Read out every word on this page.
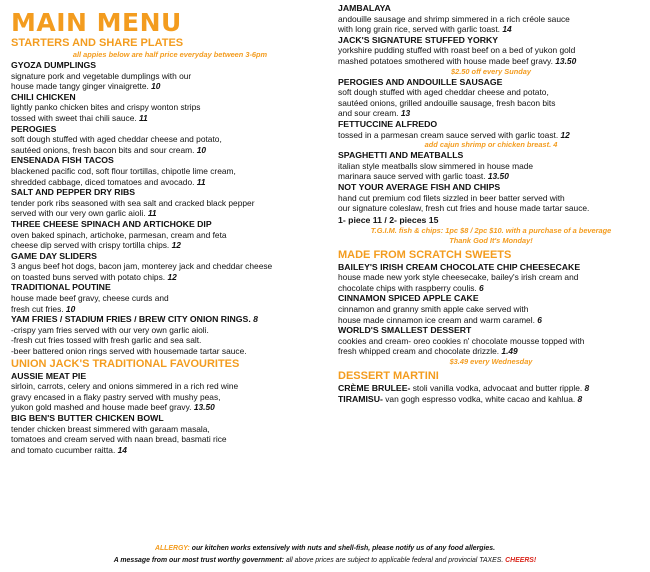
MAIN MENU
STARTERS AND SHARE PLATES
all appies below are half price everyday between 3-6pm
GYOZA DUMPLINGS
signature pork and vegetable dumplings with our
house made tangy ginger vinaigrette. 10
CHILI CHICKEN
lightly panko chicken bites and crispy wonton strips
tossed with sweet thai chili sauce. 11
PEROGIES
soft dough stuffed with aged cheddar cheese and potato,
sautéed onions, fresh bacon bits and sour cream. 10
ENSENADA FISH TACOS
blackened pacific cod, soft flour tortillas, chipotle lime cream,
shredded cabbage, diced tomatoes and avocado. 11
SALT AND PEPPER DRY RIBS
tender pork ribs seasoned with sea salt and cracked black pepper
served with our very own garlic aioli. 11
THREE CHEESE SPINACH AND ARTICHOKE DIP
oven baked spinach, artichoke, parmesan, cream and feta
cheese dip served with crispy tortilla chips. 12
GAME DAY SLIDERS
3 angus beef hot dogs, bacon jam, monterey jack and cheddar cheese
on toasted buns served with potato chips. 12
TRADITIONAL POUTINE
house made beef gravy, cheese curds and
fresh cut fries. 10
YAM FRIES / STADIUM FRIES / BREW CITY ONION RINGS. 8
-crispy yam fries served with our very own garlic aioli.
-fresh cut fries tossed with fresh garlic and sea salt.
-beer battered onion rings served with housemade tartar sauce.
UNION JACK'S TRADITIONAL FAVOURITES
AUSSIE MEAT PIE
sirloin, carrots, celery and onions simmered in a rich red wine
gravy encased in a flaky pastry served with mushy peas,
yukon gold mashed and house made beef gravy. 13.50
BIG BEN'S BUTTER CHICKEN BOWL
tender chicken breast simmered with garaam masala,
tomatoes and cream served with naan bread, basmati rice
and tomato cucumber raitta. 14
JAMBALAYA
andouille sausage and shrimp simmered in a rich créole sauce
with long grain rice, served with garlic toast. 14
JACK'S SIGNATURE STUFFED YORKY
yorkshire pudding stuffed with roast beef on a bed of yukon gold
mashed potatoes smothered with house made beef gravy. 13.50
$2.50 off every Sunday
PEROGIES AND ANDOUILLE SAUSAGE
soft dough stuffed with aged cheddar cheese and potato,
sautéed onions, grilled andouille sausage, fresh bacon bits
and sour cream. 13
FETTUCCINE ALFREDO
tossed in a parmesan cream sauce served with garlic toast. 12
add cajun shrimp or chicken breast. 4
SPAGHETTI AND MEATBALLS
italian style meatballs slow simmered in house made
marinara sauce served with garlic toast. 13.50
NOT YOUR AVERAGE FISH AND CHIPS
hand cut premium cod filets sizzled in beer batter served with
our signature coleslaw, fresh cut fries and house made tartar sauce.
1- piece 11 / 2- pieces 15
T.G.I.M. fish & chips: 1pc $8 / 2pc $10. with a purchase of a beverage
Thank God It's Monday!
MADE FROM SCRATCH SWEETS
BAILEY'S IRISH CREAM CHOCOLATE CHIP CHEESECAKE
house made new york style cheesecake, bailey's irish cream and
chocolate chips with raspberry coulis. 6
CINNAMON SPICED APPLE CAKE
cinnamon and granny smith apple cake served with
house made cinnamon ice cream and warm caramel. 6
WORLD'S SMALLEST DESSERT
cookies and cream- oreo cookies n' chocolate mousse topped with
fresh whipped cream and chocolate drizzle. 1.49
$3.49 every Wednesday
DESSERT MARTINI
CRÈME BRULEE- stoli vanilla vodka, advocaat and butter ripple. 8
TIRAMISU- van gogh espresso vodka, white cacao and kahlua. 8
ALLERGY: our kitchen works extensively with nuts and shell-fish, please notify us of any food allergies.
A message from our most trust worthy government: all above prices are subject to applicable federal and provincial TAXES. CHEERS!
